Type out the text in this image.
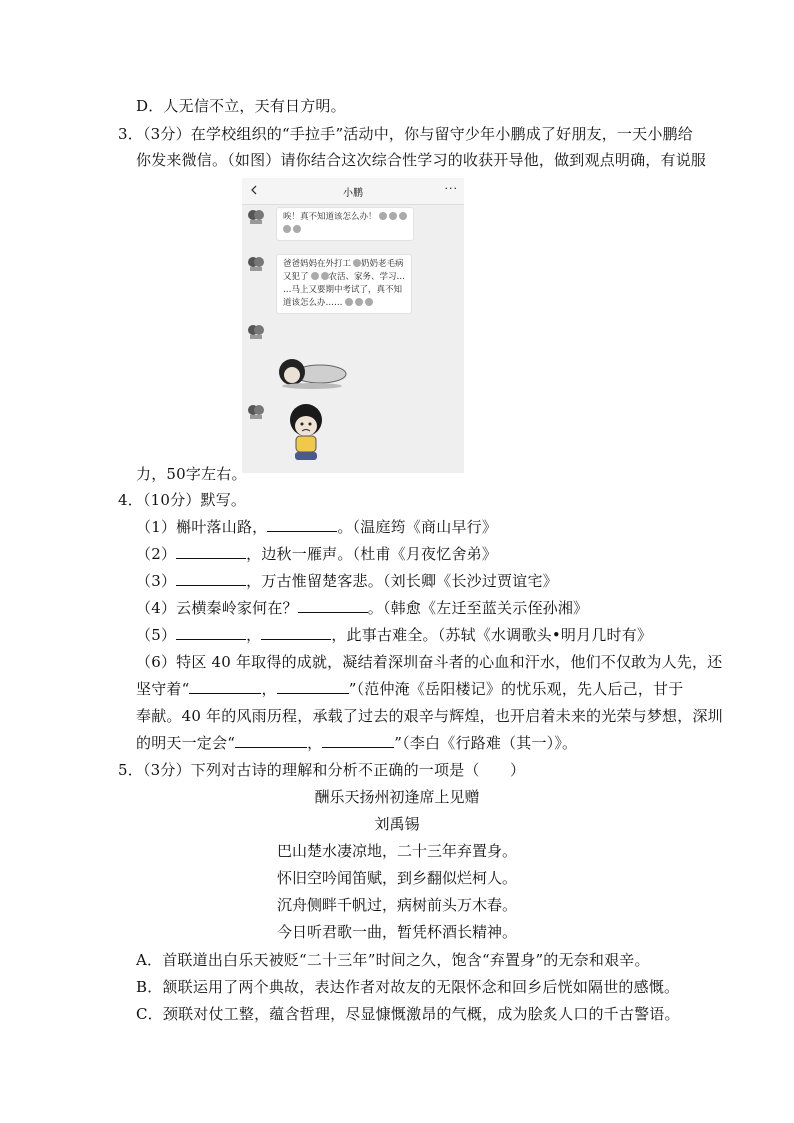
D．人无信不立，天有日方明。
3．（3分）在学校组织的“手拉手”活动中，你与留守少年小鹏成了好朋友，一天小鹏给
你发来微信。（如图）请你结合这次综合性学习的收获开导他，做到观点明确，有说服
小鹏	···
唉！真不知道该怎么办！

爸爸妈妈在外打工 奶奶老毛病
又犯了 农活、家务、学习…
…马上又要期中考试了，真不知
道该怎么办……
力，50字左右。
4．（10分）默写。
（1）槲叶落山路，	。（温庭筠《商山早行》
（2）	，边秋一雁声。（杜甫《月夜忆舍弟》
（3）	，万古惟留楚客悲。（刘长卿《长沙过贾谊宅》
（4）云横秦岭家何在？	。（韩愈《左迁至蓝关示侄孙湘》
（5）	，	，此事古难全。（苏轼《水调歌头•明月几时有》
（6）特区 40 年取得的成就，凝结着深圳奋斗者的心血和汗水，他们不仅敢为人先，还
坚守着“	，	”（范仲淹《岳阳楼记》的忧乐观，先人后己，甘于
奉献。40 年的风雨历程，承载了过去的艰辛与辉煌，也开启着未来的光荣与梦想，深圳
的明天一定会“	，	”（李白《行路难（其一）》。
5．（3分）下列对古诗的理解和分析不正确的一项是（　　）
酬乐天扬州初逢席上见赠
刘禹锡
巴山楚水凄凉地，二十三年弃置身。
怀旧空吟闻笛赋，到乡翻似烂柯人。
沉舟侧畔千帆过，病树前头万木春。
今日听君歌一曲，暂凭杯酒长精神。
A．首联道出白乐天被贬“二十三年”时间之久，饱含“弃置身”的无奈和艰辛。
B．颔联运用了两个典故，表达作者对故友的无限怀念和回乡后恍如隔世的感慨。
C．颈联对仗工整，蕴含哲理，尽显慷慨激昂的气概，成为脍炙人口的千古警语。
